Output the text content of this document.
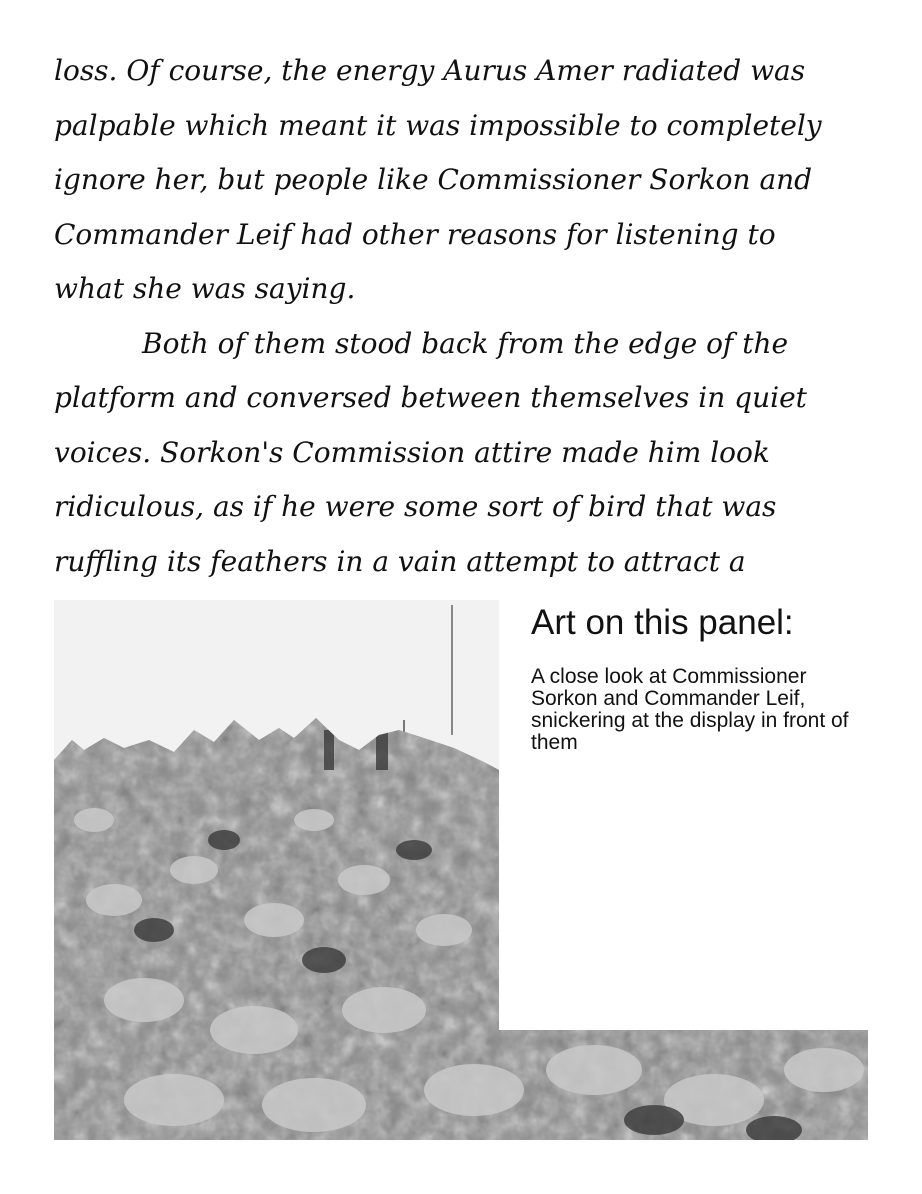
loss. Of course, the energy Aurus Amer radiated was palpable which meant it was impossible to completely ignore her, but people like Commissioner Sorkon and Commander Leif had other reasons for listening to what she was saying.

Both of them stood back from the edge of the platform and conversed between themselves in quiet voices. Sorkon's Commission attire made him look ridiculous, as if he were some sort of bird that was ruffling its feathers in a vain attempt to attract a

Art on this panel:

A close look at Commissioner Sorkon and Commander Leif, snickering at the display in front of them
